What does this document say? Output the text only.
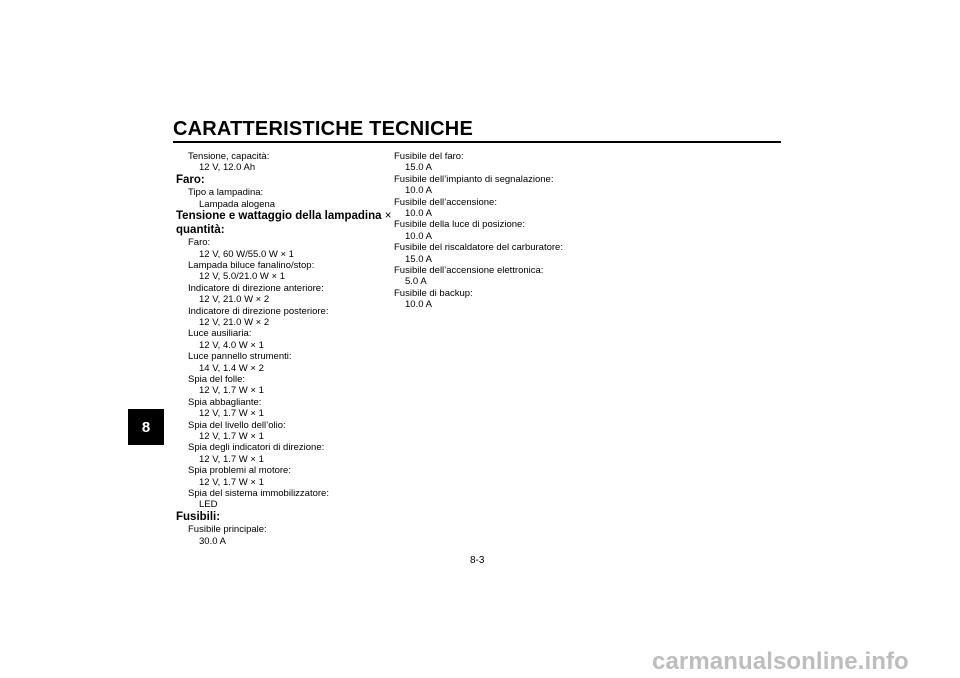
CARATTERISTICHE TECNICHE
8
Tensione, capacità:
12 V, 12.0 Ah
Faro:
Tipo a lampadina:
Lampada alogena
Tensione e wattaggio della lampadina ×
quantità:
Faro:
12 V, 60 W/55.0 W × 1
Lampada biluce fanalino/stop:
12 V, 5.0/21.0 W × 1
Indicatore di direzione anteriore:
12 V, 21.0 W × 2
Indicatore di direzione posteriore:
12 V, 21.0 W × 2
Luce ausiliaria:
12 V, 4.0 W × 1
Luce pannello strumenti:
14 V, 1.4 W × 2
Spia del folle:
12 V, 1.7 W × 1
Spia abbagliante:
12 V, 1.7 W × 1
Spia del livello dell’olio:
12 V, 1.7 W × 1
Spia degli indicatori di direzione:
12 V, 1.7 W × 1
Spia problemi al motore:
12 V, 1.7 W × 1
Spia del sistema immobilizzatore:
LED
Fusibili:
Fusibile principale:
30.0 A
Fusibile del faro:
15.0 A
Fusibile dell’impianto di segnalazione:
10.0 A
Fusibile dell’accensione:
10.0 A
Fusibile della luce di posizione:
10.0 A
Fusibile del riscaldatore del carburatore:
15.0 A
Fusibile dell’accensione elettronica:
5.0 A
Fusibile di backup:
10.0 A
8-3
carmanualsonline.info
